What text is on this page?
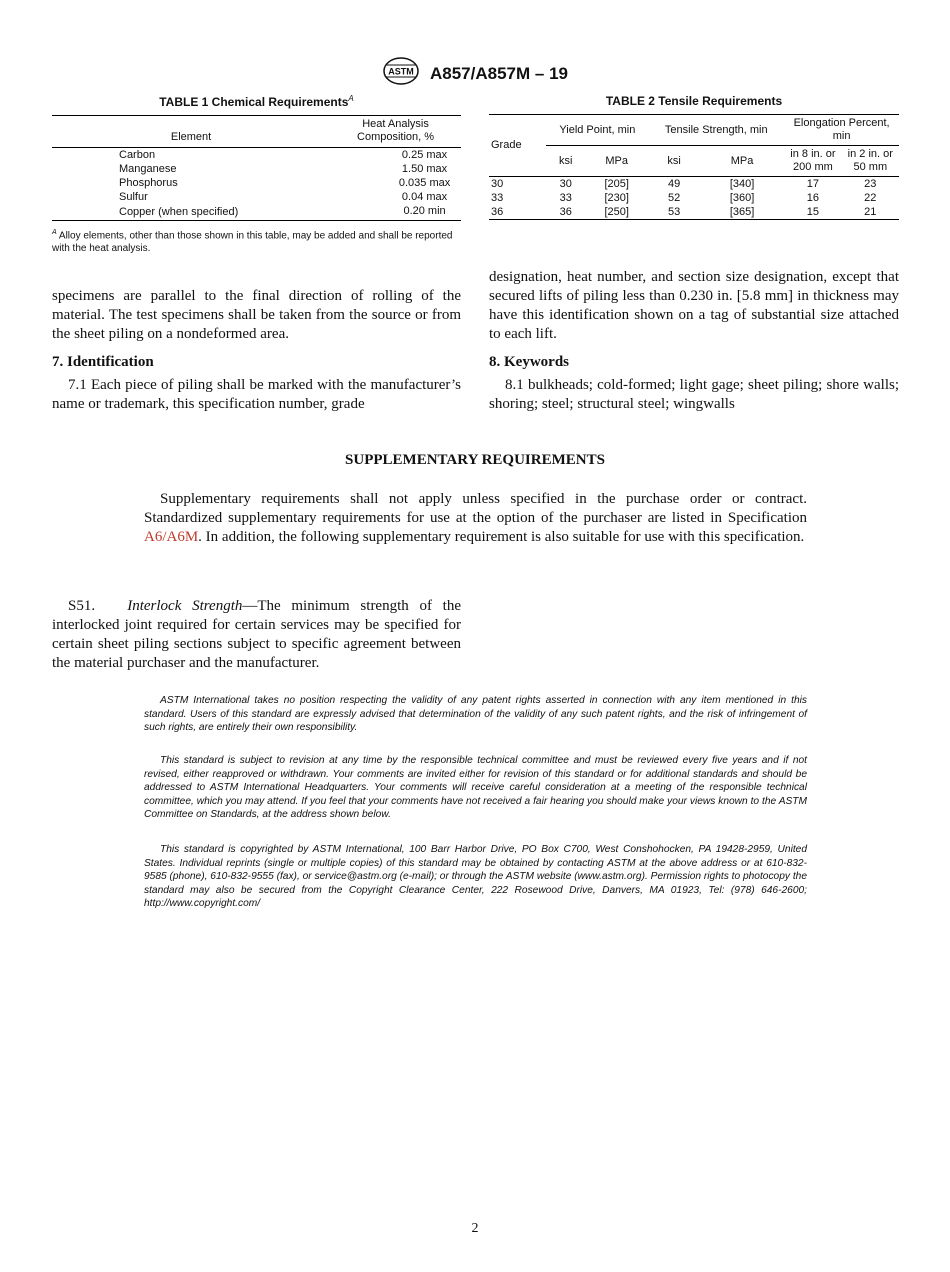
ASTM A857/A857M – 19
TABLE 1 Chemical Requirements$^A$
Element	Heat Analysis
Composition, %
Carbon	0.25 max
Manganese	1.50 max
Phosphorus	0.035 max
Sulfur	0.04 max
Copper (when specified)	0.20 min
$^A$ Alloy elements, other than those shown in this table, may be added and shall be reported with the heat analysis.
TABLE 2 Tensile Requirements
Grade	Yield Point, min		Tensile Strength, min		Elongation Percent, min	
	ksi	MPa	ksi	MPa	in 8 in. or 200 mm	in 2 in. or 50 mm
30	30	[205]	49	[340]	17	23
33	33	[230]	52	[360]	16	22
36	36	[250]	53	[365]	15	21

specimens are parallel to the final direction of rolling of the material. The test specimens shall be taken from the source or from the sheet piling on a nondeformed area.

7. Identification

7.1 Each piece of piling shall be marked with the manufacturer’s name or trademark, this specification number, grade

designation, heat number, and section size designation, except that secured lifts of piling less than 0.230 in. [5.8 mm] in thickness may have this identification shown on a tag of substantial size attached to each lift.

8. Keywords

8.1 bulkheads; cold-formed; light gage; sheet piling; shore walls; shoring; steel; structural steel; wingwalls

SUPPLEMENTARY REQUIREMENTS

Supplementary requirements shall not apply unless specified in the purchase order or contract. Standardized supplementary requirements for use at the option of the purchaser are listed in Specification A6/A6M. In addition, the following supplementary requirement is also suitable for use with this specification.

S51. Interlock Strength—The minimum strength of the interlocked joint required for certain services may be specified for certain sheet piling sections subject to specific agreement between the material purchaser and the manufacturer.

ASTM International takes no position respecting the validity of any patent rights asserted in connection with any item mentioned in this standard. Users of this standard are expressly advised that determination of the validity of any such patent rights, and the risk of infringement of such rights, are entirely their own responsibility.

This standard is subject to revision at any time by the responsible technical committee and must be reviewed every five years and if not revised, either reapproved or withdrawn. Your comments are invited either for revision of this standard or for additional standards and should be addressed to ASTM International Headquarters. Your comments will receive careful consideration at a meeting of the responsible technical committee, which you may attend. If you feel that your comments have not received a fair hearing you should make your views known to the ASTM Committee on Standards, at the address shown below.

This standard is copyrighted by ASTM International, 100 Barr Harbor Drive, PO Box C700, West Conshohocken, PA 19428-2959, United States. Individual reprints (single or multiple copies) of this standard may be obtained by contacting ASTM at the above address or at 610-832-9585 (phone), 610-832-9555 (fax), or service@astm.org (e-mail); or through the ASTM website (www.astm.org). Permission rights to photocopy the standard may also be secured from the Copyright Clearance Center, 222 Rosewood Drive, Danvers, MA 01923, Tel: (978) 646-2600; http://www.copyright.com/

2
